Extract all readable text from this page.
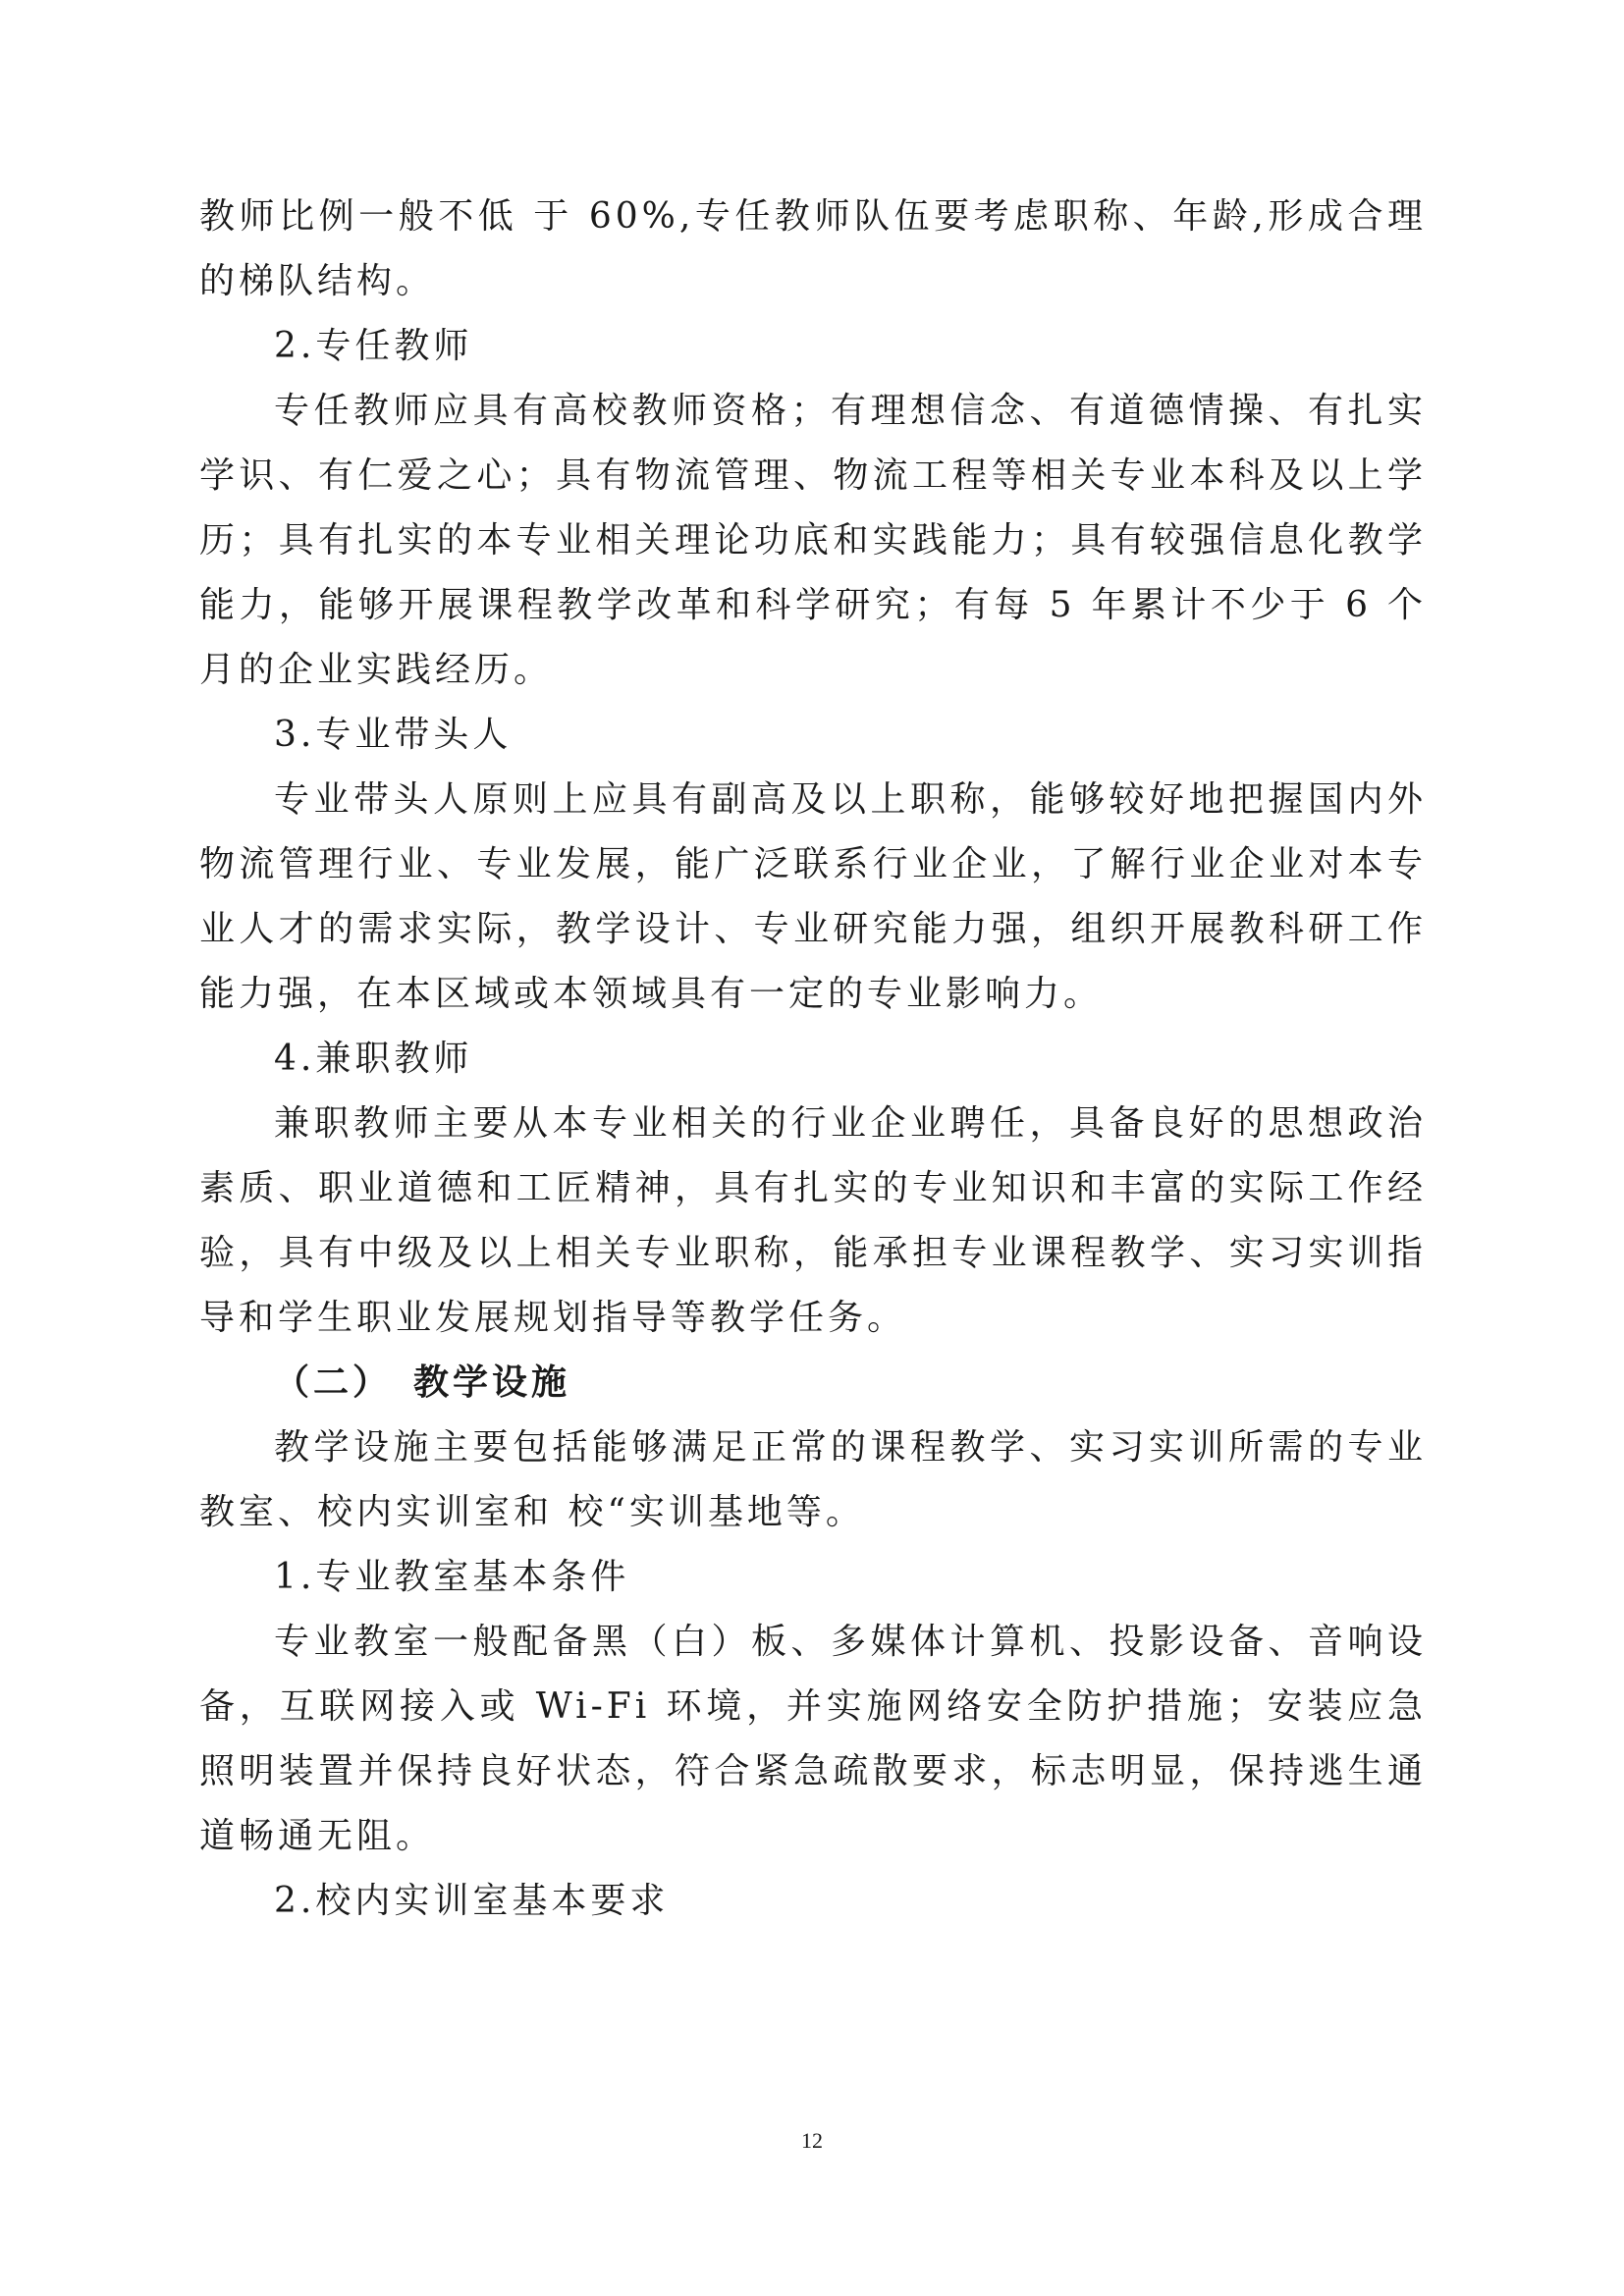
教师比例一般不低 于 60%,专任教师队伍要考虑职称、年龄,形成合理的梯队结构。

2.专任教师

专任教师应具有高校教师资格；有理想信念、有道德情操、有扎实学识、有仁爱之心；具有物流管理、物流工程等相关专业本科及以上学历；具有扎实的本专业相关理论功底和实践能力；具有较强信息化教学能力，能够开展课程教学改革和科学研究；有每 5 年累计不少于 6 个月的企业实践经历。

3.专业带头人

专业带头人原则上应具有副高及以上职称，能够较好地把握国内外物流管理行业、专业发展，能广泛联系行业企业，了解行业企业对本专业人才的需求实际，教学设计、专业研究能力强，组织开展教科研工作能力强，在本区域或本领域具有一定的专业影响力。

4.兼职教师

兼职教师主要从本专业相关的行业企业聘任，具备良好的思想政治素质、职业道德和工匠精神，具有扎实的专业知识和丰富的实际工作经验，具有中级及以上相关专业职称，能承担专业课程教学、实习实训指导和学生职业发展规划指导等教学任务。

（二）　教学设施

教学设施主要包括能够满足正常的课程教学、实习实训所需的专业教室、校内实训室和 校“实训基地等。

1.专业教室基本条件

专业教室一般配备黑（白）板、多媒体计算机、投影设备、音响设备，互联网接入或 Wi-Fi 环境，并实施网络安全防护措施；安装应急照明装置并保持良好状态，符合紧急疏散要求，标志明显，保持逃生通道畅通无阻。

2.校内实训室基本要求

12
